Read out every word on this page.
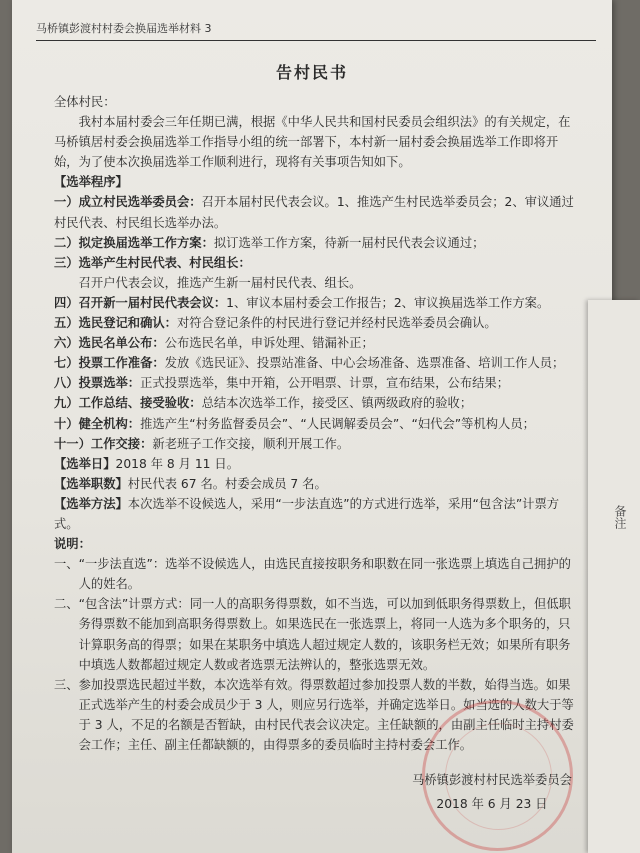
马桥镇彭渡村村委会换届选举材料 3
告村民书

全体村民：

我村本届村委会三年任期已满，根据《中华人民共和国村民委员会组织法》的有关规定，在马桥镇居村委会换届选举工作指导小组的统一部署下，本村新一届村委会换届选举工作即将开始，为了使本次换届选举工作顺利进行，现将有关事项告知如下。

【选举程序】

一）成立村民选举委员会：召开本届村民代表会议。1、推选产生村民选举委员会；2、审议通过村民代表、村民组长选举办法。

二）拟定换届选举工作方案：拟订选举工作方案，待新一届村民代表会议通过；

三）选举产生村民代表、村民组长：

召开户代表会议，推选产生新一届村民代表、组长。

四）召开新一届村民代表会议：1、审议本届村委会工作报告；2、审议换届选举工作方案。

五）选民登记和确认：对符合登记条件的村民进行登记并经村民选举委员会确认。

六）选民名单公布：公布选民名单，申诉处理、错漏补正；

七）投票工作准备：发放《选民证》、投票站准备、中心会场准备、选票准备、培训工作人员；

八）投票选举：正式投票选举，集中开箱，公开唱票、计票，宣布结果，公布结果；

九）工作总结、接受验收：总结本次选举工作，接受区、镇两级政府的验收；

十）健全机构：推选产生“村务监督委员会”、“人民调解委员会”、“妇代会”等机构人员；

十一）工作交接：新老班子工作交接，顺利开展工作。

【选举日】2018 年 8 月 11 日。

【选举职数】村民代表 67 名。村委会成员 7 名。

【选举方法】本次选举不设候选人，采用“一步法直选”的方式进行选举，采用“包含法”计票方式。

说明：

一、“一步法直选”：选举不设候选人，由选民直接按职务和职数在同一张选票上填选自己拥护的人的姓名。

二、“包含法”计票方式：同一人的高职务得票数，如不当选，可以加到低职务得票数上，但低职务得票数不能加到高职务得票数上。如果选民在一张选票上，将同一人选为多个职务的，只计算职务高的得票；如果在某职务中填选人超过规定人数的，该职务栏无效；如果所有职务中填选人数都超过规定人数或者选票无法辨认的，整张选票无效。

三、参加投票选民超过半数，本次选举有效。得票数超过参加投票人数的半数，始得当选。如果正式选举产生的村委会成员少于 3 人，则应另行选举，并确定选举日。如当选的人数大于等于 3 人，不足的名额是否暂缺，由村民代表会议决定。主任缺额的，由副主任临时主持村委会工作；主任、副主任都缺额的，由得票多的委员临时主持村委会工作。

马桥镇彭渡村村民选举委员会
2018 年 6 月 23 日
备注
